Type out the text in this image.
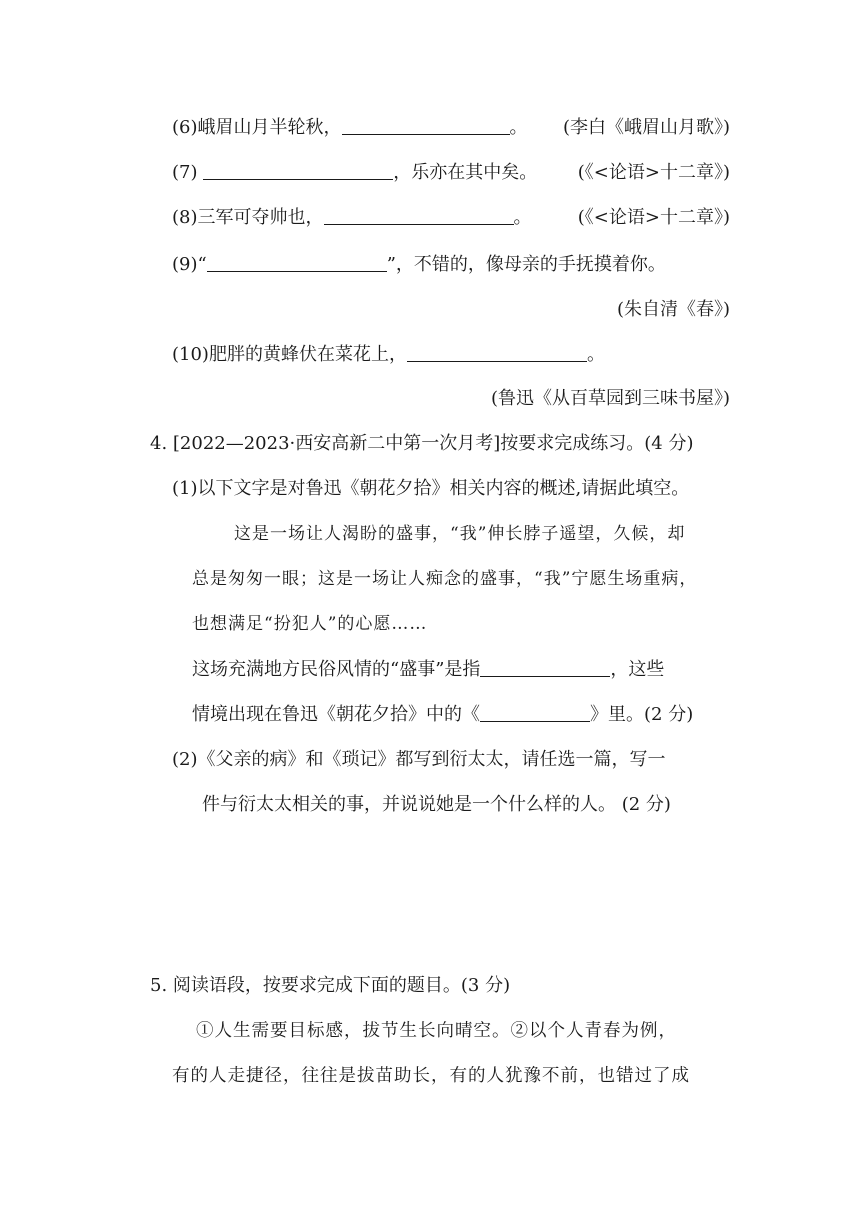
(6)峨眉山月半轮秋，	。 (李白《峨眉山月歌》)
(7)	，乐亦在其中矣。 (《<论语>十二章》)
(8)三军可夺帅也，	。	(《<论语>十二章》)
(9)“	”，不错的，像母亲的手抚摸着你。
(朱自清《春》)
(10)肥胖的黄蜂伏在菜花上，	。
(鲁迅《从百草园到三味书屋》)
4. [2022—2023·西安高新二中第一次月考]按要求完成练习。(4 分)
(1)以下文字是对鲁迅《朝花夕拾》相关内容的概述,请据此填空。
这是一场让人渴盼的盛事，“我”伸长脖子遥望，久候，却
总是匆匆一眼；这是一场让人痴念的盛事，“我”宁愿生场重病，
也想满足“扮犯人”的心愿……
这场充满地方民俗风情的“盛事”是指	，这些
情境出现在鲁迅《朝花夕拾》中的《	》里。(2 分)
(2)《父亲的病》和《琐记》都写到衍太太，请任选一篇，写一
件与衍太太相关的事，并说说她是一个什么样的人。 (2 分)
5. 阅读语段，按要求完成下面的题目。(3 分)
①人生需要目标感，拔节生长向晴空。②以个人青春为例，
有的人走捷径，往往是拔苗助长，有的人犹豫不前，也错过了成
